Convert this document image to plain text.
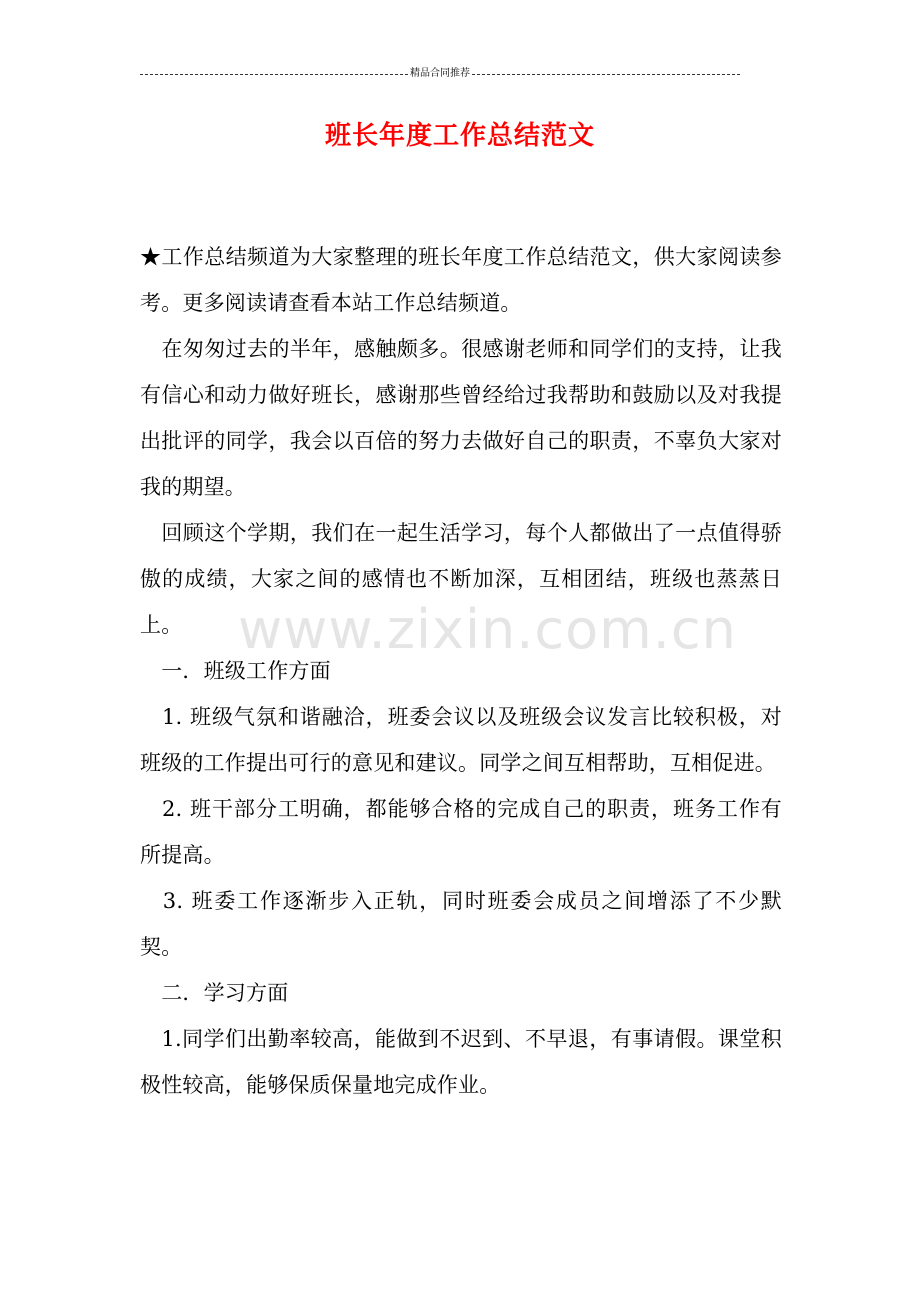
精品合同推荐
班长年度工作总结范文

★工作总结频道为大家整理的班长年度工作总结范文，供大家阅读参考。更多阅读请查看本站工作总结频道。

　在匆匆过去的半年，感触颇多。很感谢老师和同学们的支持，让我有信心和动力做好班长，感谢那些曾经给过我帮助和鼓励以及对我提出批评的同学，我会以百倍的努力去做好自己的职责，不辜负大家对我的期望。

　回顾这个学期，我们在一起生活学习，每个人都做出了一点值得骄傲的成绩，大家之间的感情也不断加深，互相团结，班级也蒸蒸日上。

　一．班级工作方面

　1. 班级气氛和谐融洽，班委会议以及班级会议发言比较积极，对班级的工作提出可行的意见和建议。同学之间互相帮助，互相促进。

　2. 班干部分工明确，都能够合格的完成自己的职责，班务工作有所提高。

　3. 班委工作逐渐步入正轨，同时班委会成员之间增添了不少默契。

　二．学习方面

　1.同学们出勤率较高，能做到不迟到、不早退，有事请假。课堂积极性较高，能够保质保量地完成作业。

www.zixin.com.cn
